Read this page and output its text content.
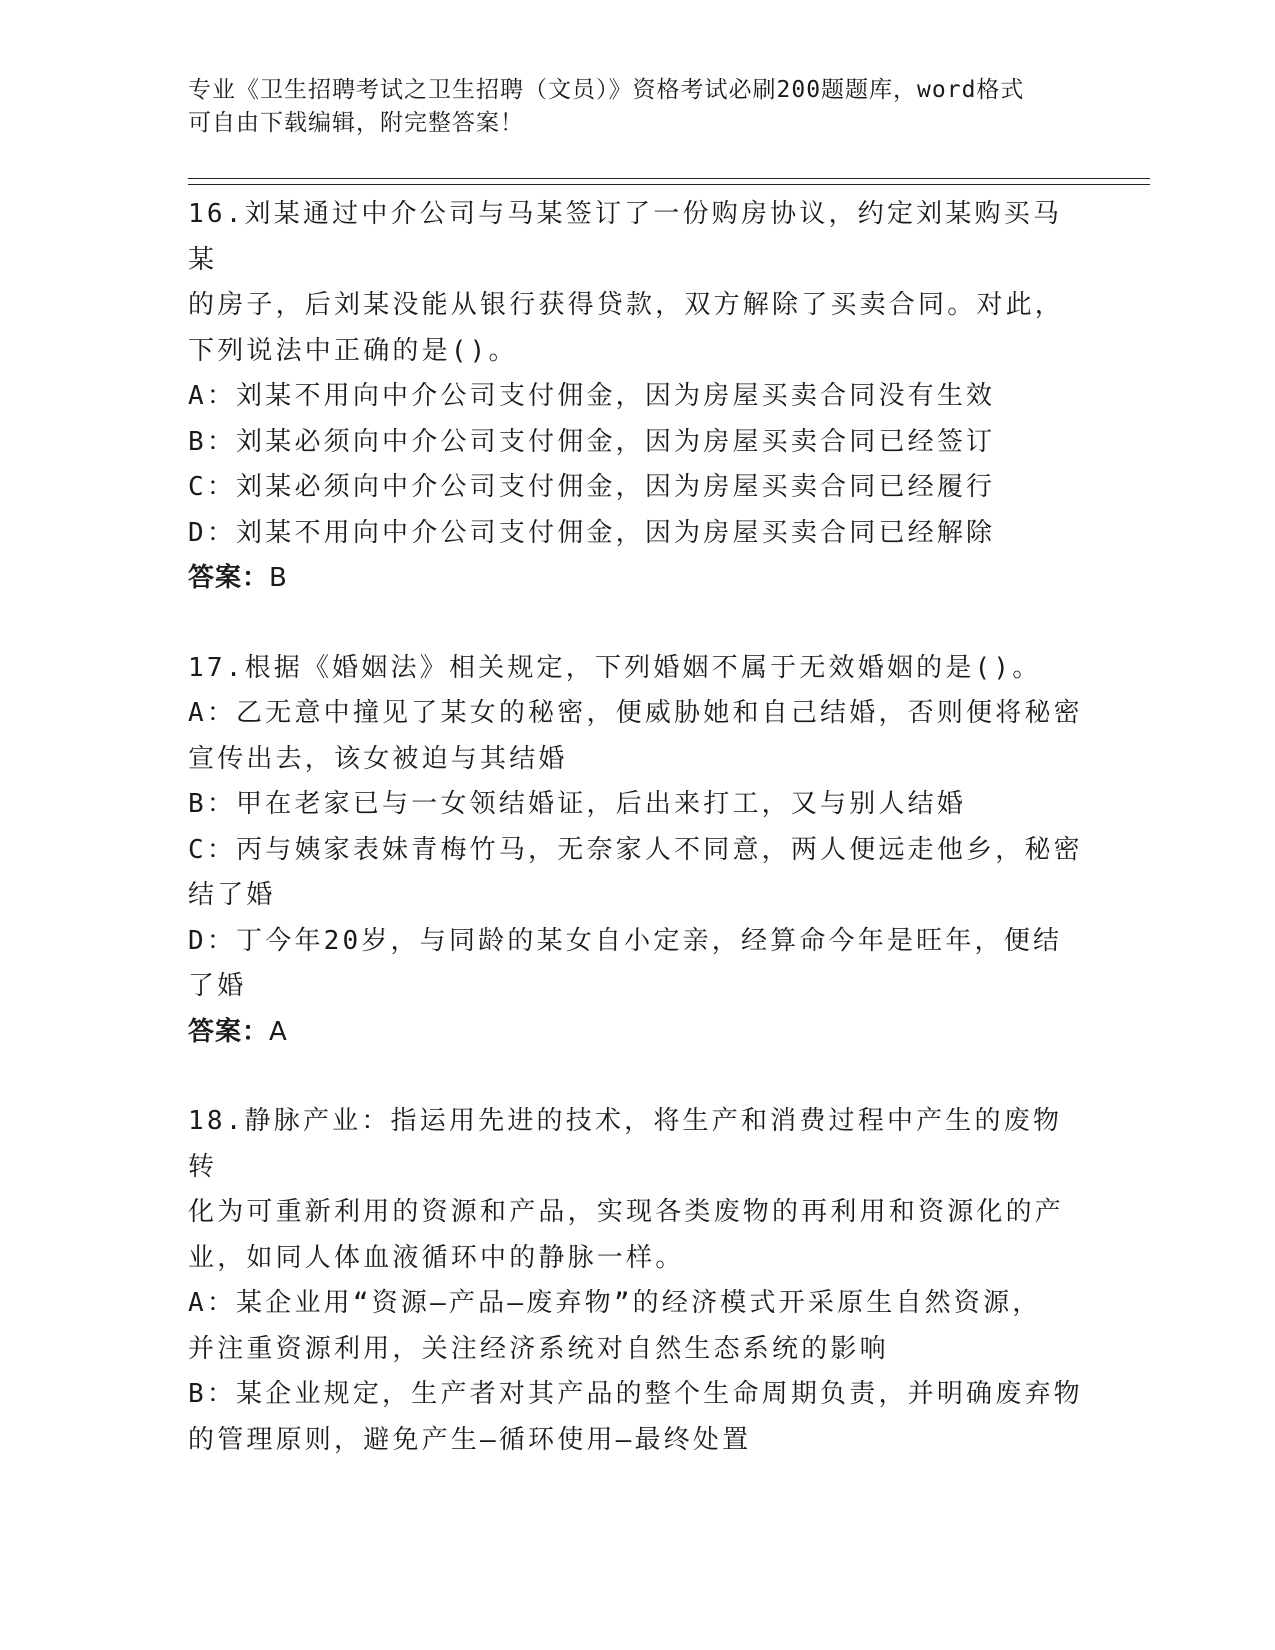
专业《卫生招聘考试之卫生招聘（文员）》资格考试必刷200题题库，word格式
可自由下载编辑，附完整答案！

16.刘某通过中介公司与马某签订了一份购房协议，约定刘某购买马某

的房子，后刘某没能从银行获得贷款，双方解除了买卖合同。对此，

下列说法中正确的是()。

A：刘某不用向中介公司支付佣金，因为房屋买卖合同没有生效

B：刘某必须向中介公司支付佣金，因为房屋买卖合同已经签订

C：刘某必须向中介公司支付佣金，因为房屋买卖合同已经履行

D：刘某不用向中介公司支付佣金，因为房屋买卖合同已经解除

答案：B

17.根据《婚姻法》相关规定，下列婚姻不属于无效婚姻的是()。

A：乙无意中撞见了某女的秘密，便威胁她和自己结婚，否则便将秘密

宣传出去，该女被迫与其结婚

B：甲在老家已与一女领结婚证，后出来打工，又与别人结婚

C：丙与姨家表妹青梅竹马，无奈家人不同意，两人便远走他乡，秘密

结了婚

D：丁今年20岁，与同龄的某女自小定亲，经算命今年是旺年，便结

了婚

答案：A

18.静脉产业：指运用先进的技术，将生产和消费过程中产生的废物转

化为可重新利用的资源和产品，实现各类废物的再利用和资源化的产

业，如同人体血液循环中的静脉一样。

A：某企业用“资源—产品—废弃物”的经济模式开采原生自然资源，

并注重资源利用，关注经济系统对自然生态系统的影响

B：某企业规定，生产者对其产品的整个生命周期负责，并明确废弃物

的管理原则，避免产生—循环使用—最终处置
